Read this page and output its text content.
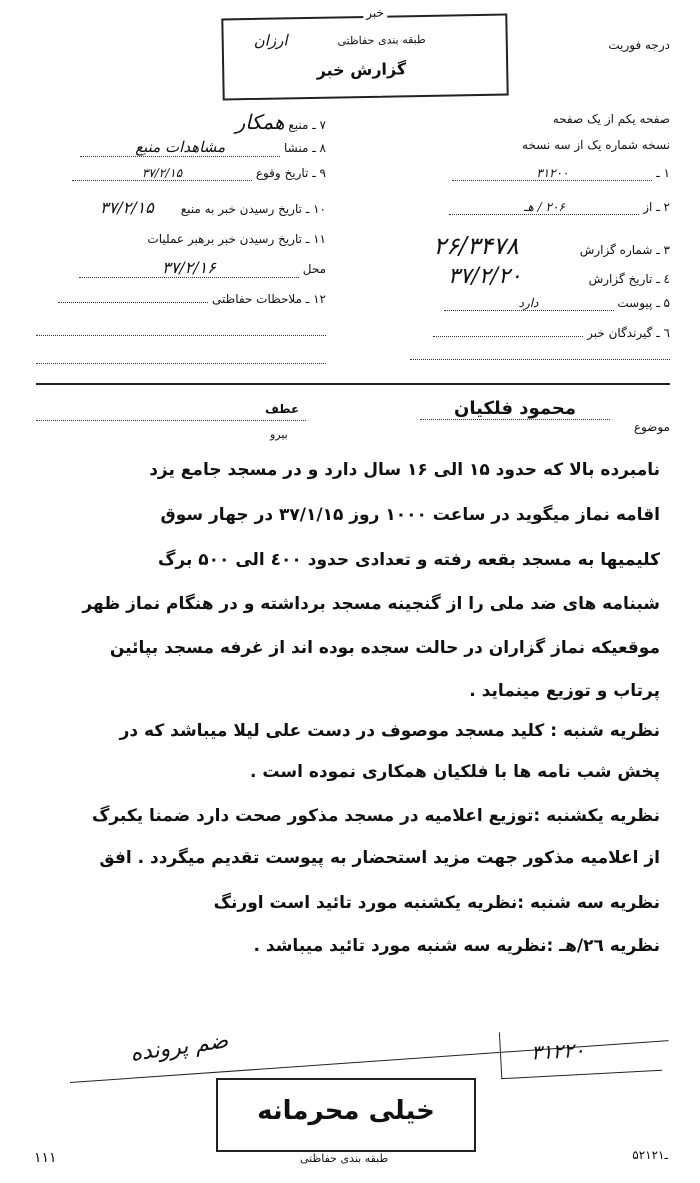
درجه فوریت
خبر
طبقه بندی حفاظتی
ارزان
گزارش خبر
صفحه یکم از یک صفحه
نسخه شماره یک از سه نسخه
۱ ـ ۳۱۲۰۰
۲ ـ از ۲۰۶ / هـ
۳ ـ شماره گزارش ۲۶/۳۴۷۸
٤ ـ تاریخ گزارش ۳۷/۲/۲۰
۵ ـ پیوست دارد
٦ ـ گیرندگان خبر
۷ ـ منبع همکار
۸ ـ منشا مشاهدات منبع
۹ ـ تاریخ وقوع ۳۷/۲/۱۵
۱۰ ـ تاریخ رسیدن خبر به منبع ۳۷/۲/۱۵
۱۱ ـ تاریخ رسیدن خبر برهبر عملیات
محل ۳۷/۲/۱۶
۱۲ ـ ملاحظات حفاظتی
موضوع
محمود فلکیان
عطف
بیرو
نامبرده بالا که حدود ۱۵ الی ۱۶ سال دارد و در مسجد جامع یزد
اقامه نماز میگوید در ساعت ۱۰۰۰ روز ۳۷/۱/۱۵ در جهار سوق
کلیمیها به مسجد بقعه رفته و تعدادی حدود ٤۰۰ الی ۵۰۰ برگ
شبنامه های ضد ملی را از گنجینه مسجد برداشته و در هنگام نماز ظهر
موقعیکه نماز گزاران در حالت سجده بوده اند از غرفه مسجد بپائین
پرتاب و توزیع مینماید .
نظریه شنبه : کلید مسجد موصوف در دست علی لیلا میباشد که در
پخش شب نامه ها با فلکیان همکاری نموده است .
نظریه یکشنبه :توزیع اعلامیه در مسجد مذکور صحت دارد ضمنا یکبرگ
از اعلامیه مذکور جهت مزید استحضار به پیوست تقدیم میگردد . افق
نظریه سه شنبه :نظریه یکشنبه مورد تائید است اورنگ
نظریه ۲٦/هـ :نظریه سه شنبه مورد تائید میباشد .
ضم پرونده	۳۱۲۲۰
خیلی محرمانه
طبقه بندی حفاظتی	۵۲ـ۱۲۱
۱۱۱
